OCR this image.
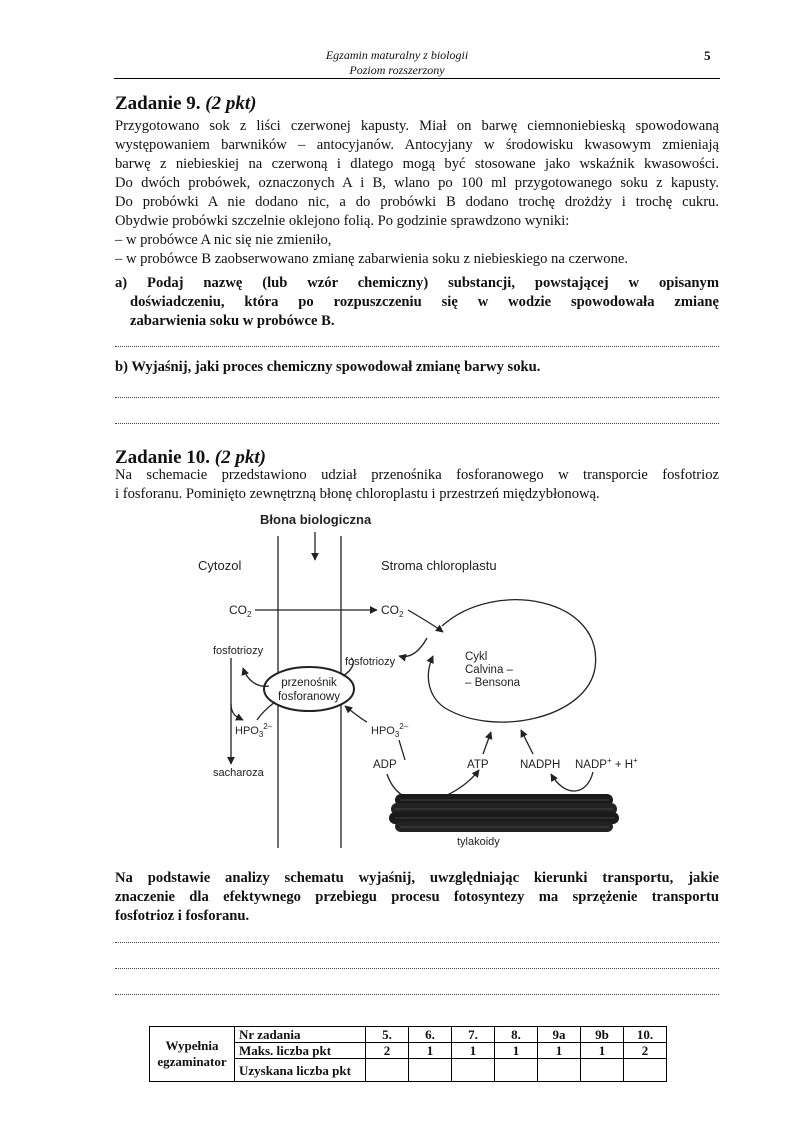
Egzamin maturalny z biologii
Poziom rozszerzony
5
Zadanie 9. (2 pkt)
Przygotowano sok z liści czerwonej kapusty. Miał on barwę ciemnoniebieską spowodowaną
występowaniem barwników – antocyjanów. Antocyjany w środowisku kwasowym zmieniają
barwę z niebieskiej na czerwoną i dlatego mogą być stosowane jako wskaźnik kwasowości.
Do dwóch probówek, oznaczonych A i B, wlano po 100 ml przygotowanego soku z kapusty.
Do probówki A nie dodano nic, a do probówki B dodano trochę drożdży i trochę cukru.
Obydwie probówki szczelnie oklejono folią. Po godzinie sprawdzono wyniki:
– w probówce A nic się nie zmieniło,
– w probówce B zaobserwowano zmianę zabarwienia soku z niebieskiego na czerwone.
a) Podaj nazwę (lub wzór chemiczny) substancji, powstającej w opisanym
doświadczeniu, która po rozpuszczeniu się w wodzie spowodowała zmianę
zabarwienia soku w probówce B.
b) Wyjaśnij, jaki proces chemiczny spowodował zmianę barwy soku.
Zadanie 10. (2 pkt)
Na schemacie przedstawiono udział przenośnika fosforanowego w transporcie fosfotrioz
i fosforanu. Pominięto zewnętrzną błonę chloroplastu i przestrzeń międzybłonową.
Błona biologiczna
Cytozol	Stroma chloroplastu
$CO_2$	$CO_2$
fosfotriozy
fosfotriozy
przenośnik
fosforanowy
$HPO_3^{2-}$	$HPO_3^{2-}$
sacharoza
Cykl
Calvina –
– Bensona
ADP	ATP	NADPH NADP+ + H+
tylakoidy
Na podstawie analizy schematu wyjaśnij, uwzględniając kierunki transportu, jakie
znaczenie dla efektywnego przebiegu procesu fotosyntezy ma sprzężenie transportu
fosfotrioz i fosforanu.
Wypełnia egzaminator	Nr zadania	5.	6.	7.	8.	9a	9b	10.
	Maks. liczba pkt	2	1	1	1	1	1	2
	Uzyskana liczba pkt							
